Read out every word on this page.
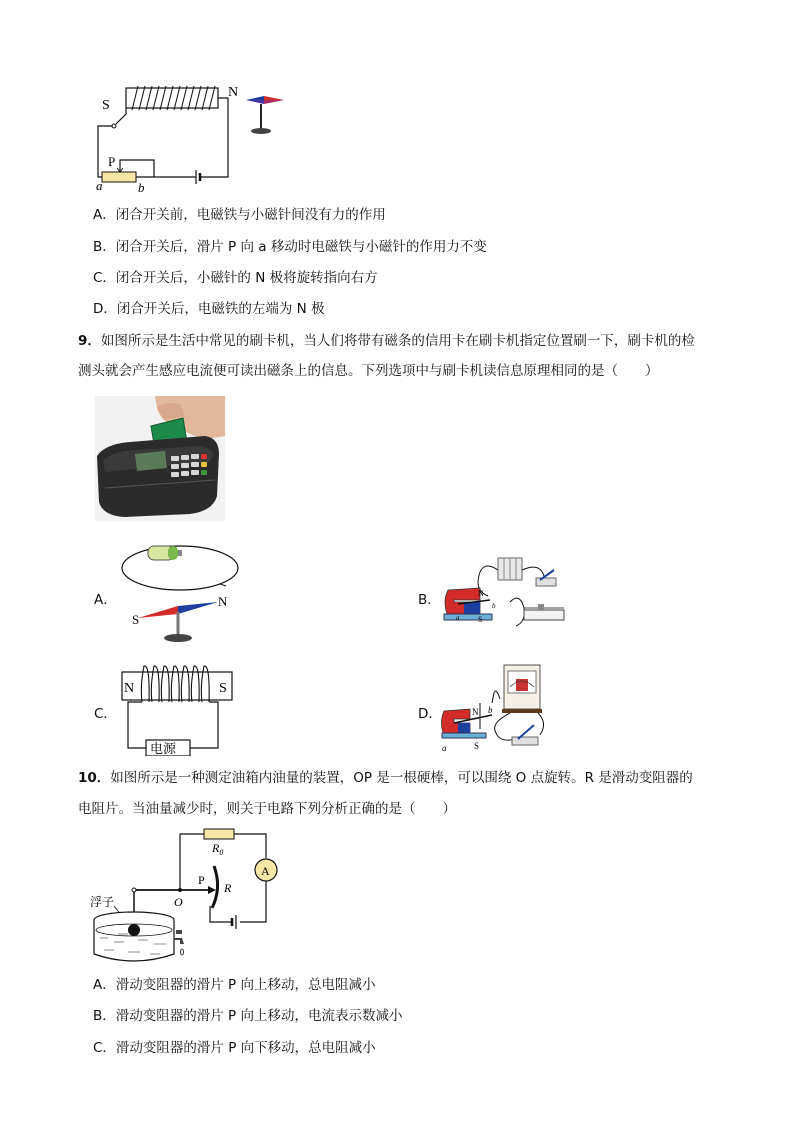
S
P
a	b
N
A．闭合开关前，电磁铁与小磁针间没有力的作用
B．闭合开关后，滑片 P 向 a 移动时电磁铁与小磁针的作用力不变
C．闭合开关后，小磁针的 N 极将旋转指向右方
D．闭合开关后，电磁铁的左端为 N 极
9．如图所示是生活中常见的刷卡机，当人们将带有磁条的信用卡在刷卡机指定位置刷一下，刷卡机的检
测头就会产生感应电流便可读出磁条上的信息。下列选项中与刷卡机读信息原理相同的是（　　）
A．	N
S
B．	N
S
a
b
C．
N	S
电源
D．	N
S
a
b
10．如图所示是一种测定油箱内油量的装置，OP 是一根硬棒，可以围绕 O 点旋转。R 是滑动变阻器的
电阻片。当油量减少时，则关于电路下列分析正确的是（　　）
$R_0$
A
R
P
O
浮子
A．滑动变阻器的滑片 P 向上移动，总电阻减小
B．滑动变阻器的滑片 P 向上移动，电流表示数减小
C．滑动变阻器的滑片 P 向下移动，总电阻减小
